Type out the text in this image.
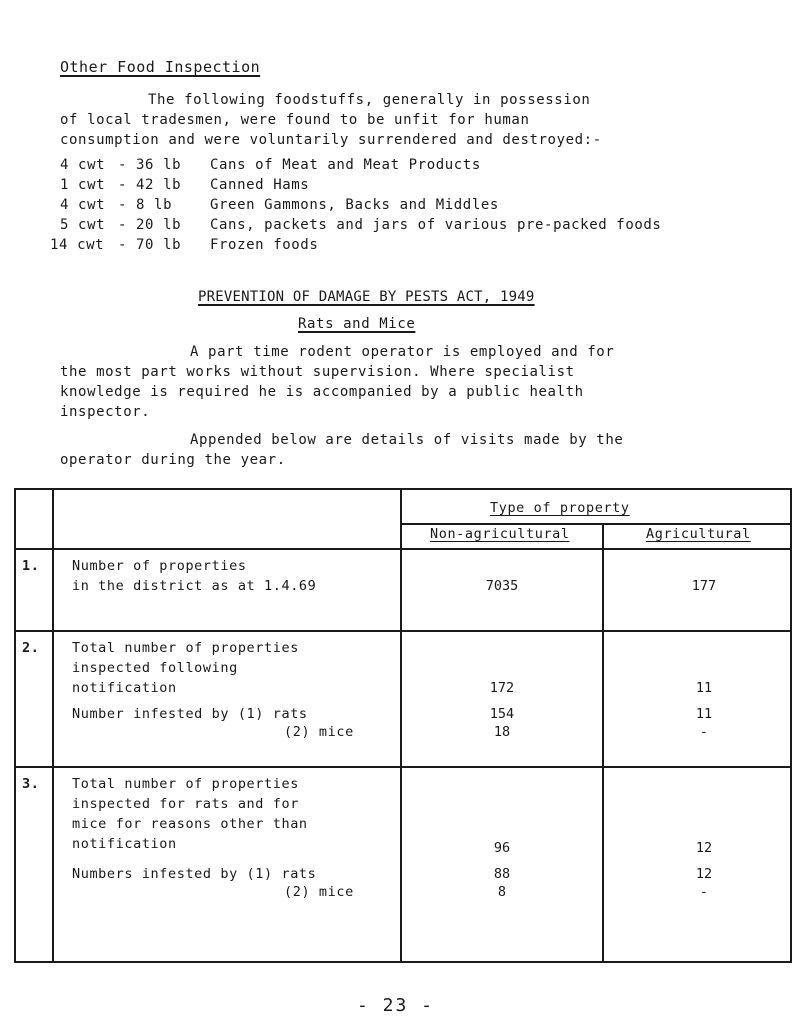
Other Food Inspection
The following foodstuffs, generally in possession
of local tradesmen, were found to be unfit for human
consumption and were voluntarily surrendered and destroyed:-
4 cwt - 36 lb Cans of Meat and Meat Products
1 cwt - 42 lb Canned Hams
4 cwt - 8 lb	Green Gammons, Backs and Middles
5 cwt - 20 lb Cans, packets and jars of various pre-packed foods
14 cwt - 70 lb Frozen foods
PREVENTION OF DAMAGE BY PESTS ACT, 1949
Rats and Mice
A part time rodent operator is employed and for
the most part works without supervision. Where specialist
knowledge is required he is accompanied by a public health
inspector.
Appended below are details of visits made by the
operator during the year.
Type of property
Non-agricultural	Agricultural
1. Number of properties
in the district as at 1.4.69	7035	177
2. Total number of properties
inspected following
notification	172	11
Number infested by (1) rats	154	11
(2) mice	18	-
3. Total number of properties
inspected for rats and for
mice for reasons other than
notification	96	12
Numbers infested by (1) rats	88	12
(2) mice	8	-
- 23 -
